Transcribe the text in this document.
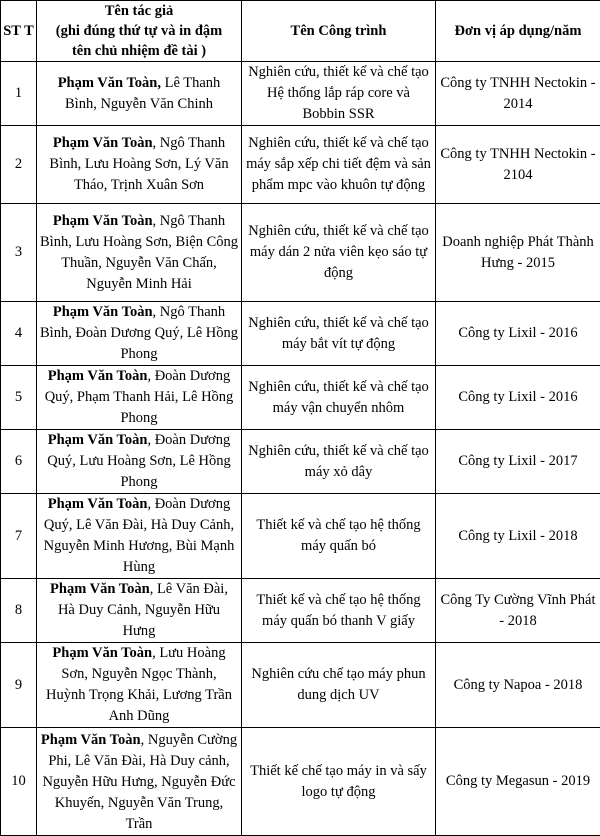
ST T	Tên tác giả
(ghi đúng thứ tự và in đậm
tên chủ nhiệm đề tài )	Tên Công trình	Đơn vị áp dụng/năm
1	Phạm Văn Toàn, Lê Thanh Bình, Nguyễn Văn Chinh	Nghiên cứu, thiết kế và chế tạo Hệ thống lắp ráp core và Bobbin SSR	Công ty TNHH Nectokin - 2014
2	Phạm Văn Toàn, Ngô Thanh Bình, Lưu Hoàng Sơn, Lý Văn Tháo, Trịnh Xuân Sơn	Nghiên cứu, thiết kế và chế tạo máy sắp xếp chi tiết đệm và sản phẩm mpc vào khuôn tự động	Công ty TNHH Nectokin - 2104
3	Phạm Văn Toàn, Ngô Thanh Bình, Lưu Hoàng Sơn, Biện Công Thuần, Nguyễn Văn Chấn, Nguyễn Minh Hải	Nghiên cứu, thiết kế và chế tạo máy dán 2 nửa viên kẹo sáo tự động	Doanh nghiệp Phát Thành Hưng - 2015
4	Phạm Văn Toàn, Ngô Thanh Bình, Đoàn Dương Quý, Lê Hồng Phong	Nghiên cứu, thiết kế và chế tạo máy bắt vít tự động	Công ty Lixil - 2016
5	Phạm Văn Toàn, Đoàn Dương Quý, Phạm Thanh Hải, Lê Hồng Phong	Nghiên cứu, thiết kế và chế tạo máy vận chuyển nhôm	Công ty Lixil - 2016
6	Phạm Văn Toàn, Đoàn Dương Quý, Lưu Hoàng Sơn, Lê Hồng Phong	Nghiên cứu, thiết kế và chế tạo máy xỏ dây	Công ty Lixil - 2017
7	Phạm Văn Toàn, Đoàn Dương Quý, Lê Văn Đài, Hà Duy Cảnh, Nguyễn Minh Hương, Bùi Mạnh Hùng	Thiết kế và chế tạo hệ thống máy quấn bó	Công ty Lixil - 2018
8	Phạm Văn Toàn, Lê Văn Đài, Hà Duy Cảnh, Nguyễn Hữu Hưng	Thiết kế và chế tạo hệ thống máy quấn bó thanh V giấy	Công Ty Cường Vĩnh Phát - 2018
9	Phạm Văn Toàn, Lưu Hoàng Sơn, Nguyễn Ngọc Thành, Huỳnh Trọng Khải, Lương Trần Anh Dũng	Nghiên cứu chế tạo máy phun dung dịch UV	Công ty Napoa - 2018
10	Phạm Văn Toàn, Nguyễn Cường Phi, Lê Văn Đài, Hà Duy cảnh, Nguyễn Hữu Hưng, Nguyễn Đức Khuyến, Nguyễn Văn Trung, Trần	Thiết kế chế tạo máy in và sấy logo tự động	Công ty Megasun - 2019
